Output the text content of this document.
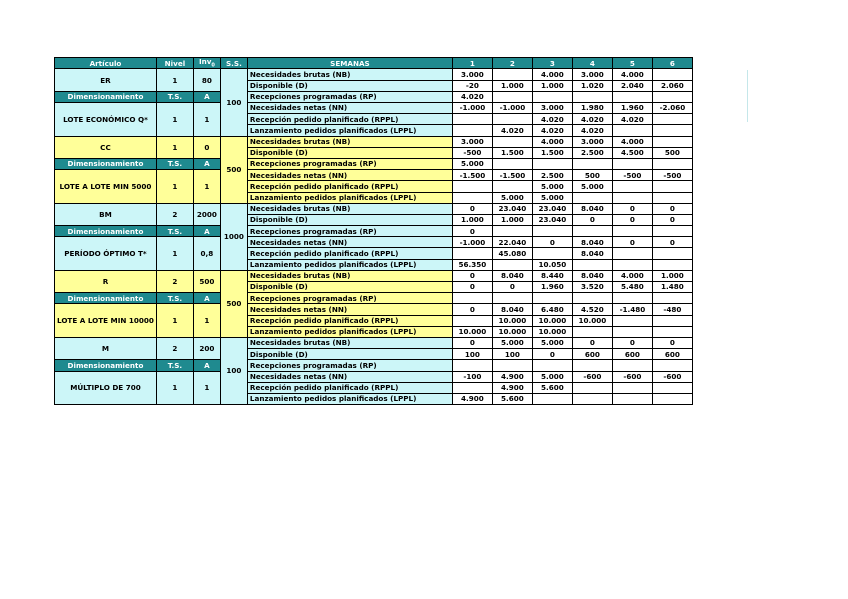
Artículo	Nivel	Inv$_0$	S.S.	SEMANAS	1	2	3	4	5	6
ER	1	80	100	Necesidades brutas (NB)	3.000		4.000	3.000	4.000	
				Disponible (D)	-20	1.000	1.000	1.020	2.040	2.060
Dimensionamiento	T.S.	A		Recepciones programadas (RP)	4.020					
LOTE ECONÓMICO Q*	1	1		Necesidades netas (NN)	-1.000	-1.000	3.000	1.980	1.960	-2.060
				Recepción pedido planificado (RPPL)			4.020	4.020	4.020	
				Lanzamiento pedidos planificados (LPPL)		4.020	4.020	4.020		
CC	1	0	500	Necesidades brutas (NB)	3.000		4.000	3.000	4.000	
				Disponible (D)	-500	1.500	1.500	2.500	4.500	500
Dimensionamiento	T.S.	A		Recepciones programadas (RP)	5.000					
LOTE A LOTE MIN 5000	1	1		Necesidades netas (NN)	-1.500	-1.500	2.500	500	-500	-500
				Recepción pedido planificado (RPPL)			5.000	5.000		
				Lanzamiento pedidos planificados (LPPL)		5.000	5.000			
BM	2	2000	1000	Necesidades brutas (NB)	0	23.040	23.040	8.040	0	0
				Disponible (D)	1.000	1.000	23.040	0	0	0
Dimensionamiento	T.S.	A		Recepciones programadas (RP)	0					
PERÍODO ÓPTIMO T*	1	0,8		Necesidades netas (NN)	-1.000	22.040	0	8.040	0	0
				Recepción pedido planificado (RPPL)		45.080		8.040		
				Lanzamiento pedidos planificados (LPPL)	56.350		10.050			
R	2	500	500	Necesidades brutas (NB)	0	8.040	8.440	8.040	4.000	1.000
				Disponible (D)	0	0	1.960	3.520	5.480	1.480
Dimensionamiento	T.S.	A		Recepciones programadas (RP)						
LOTE A LOTE MIN 10000	1	1		Necesidades netas (NN)	0	8.040	6.480	4.520	-1.480	-480
				Recepción pedido planificado (RPPL)		10.000	10.000	10.000		
				Lanzamiento pedidos planificados (LPPL)	10.000	10.000	10.000			
M	2	200	100	Necesidades brutas (NB)	0	5.000	5.000	0	0	0
				Disponible (D)	100	100	0	600	600	600
Dimensionamiento	T.S.	A		Recepciones programadas (RP)						
MÚLTIPLO DE 700	1	1		Necesidades netas (NN)	-100	4.900	5.000	-600	-600	-600
				Recepción pedido planificado (RPPL)		4.900	5.600			
				Lanzamiento pedidos planificados (LPPL)	4.900	5.600				
